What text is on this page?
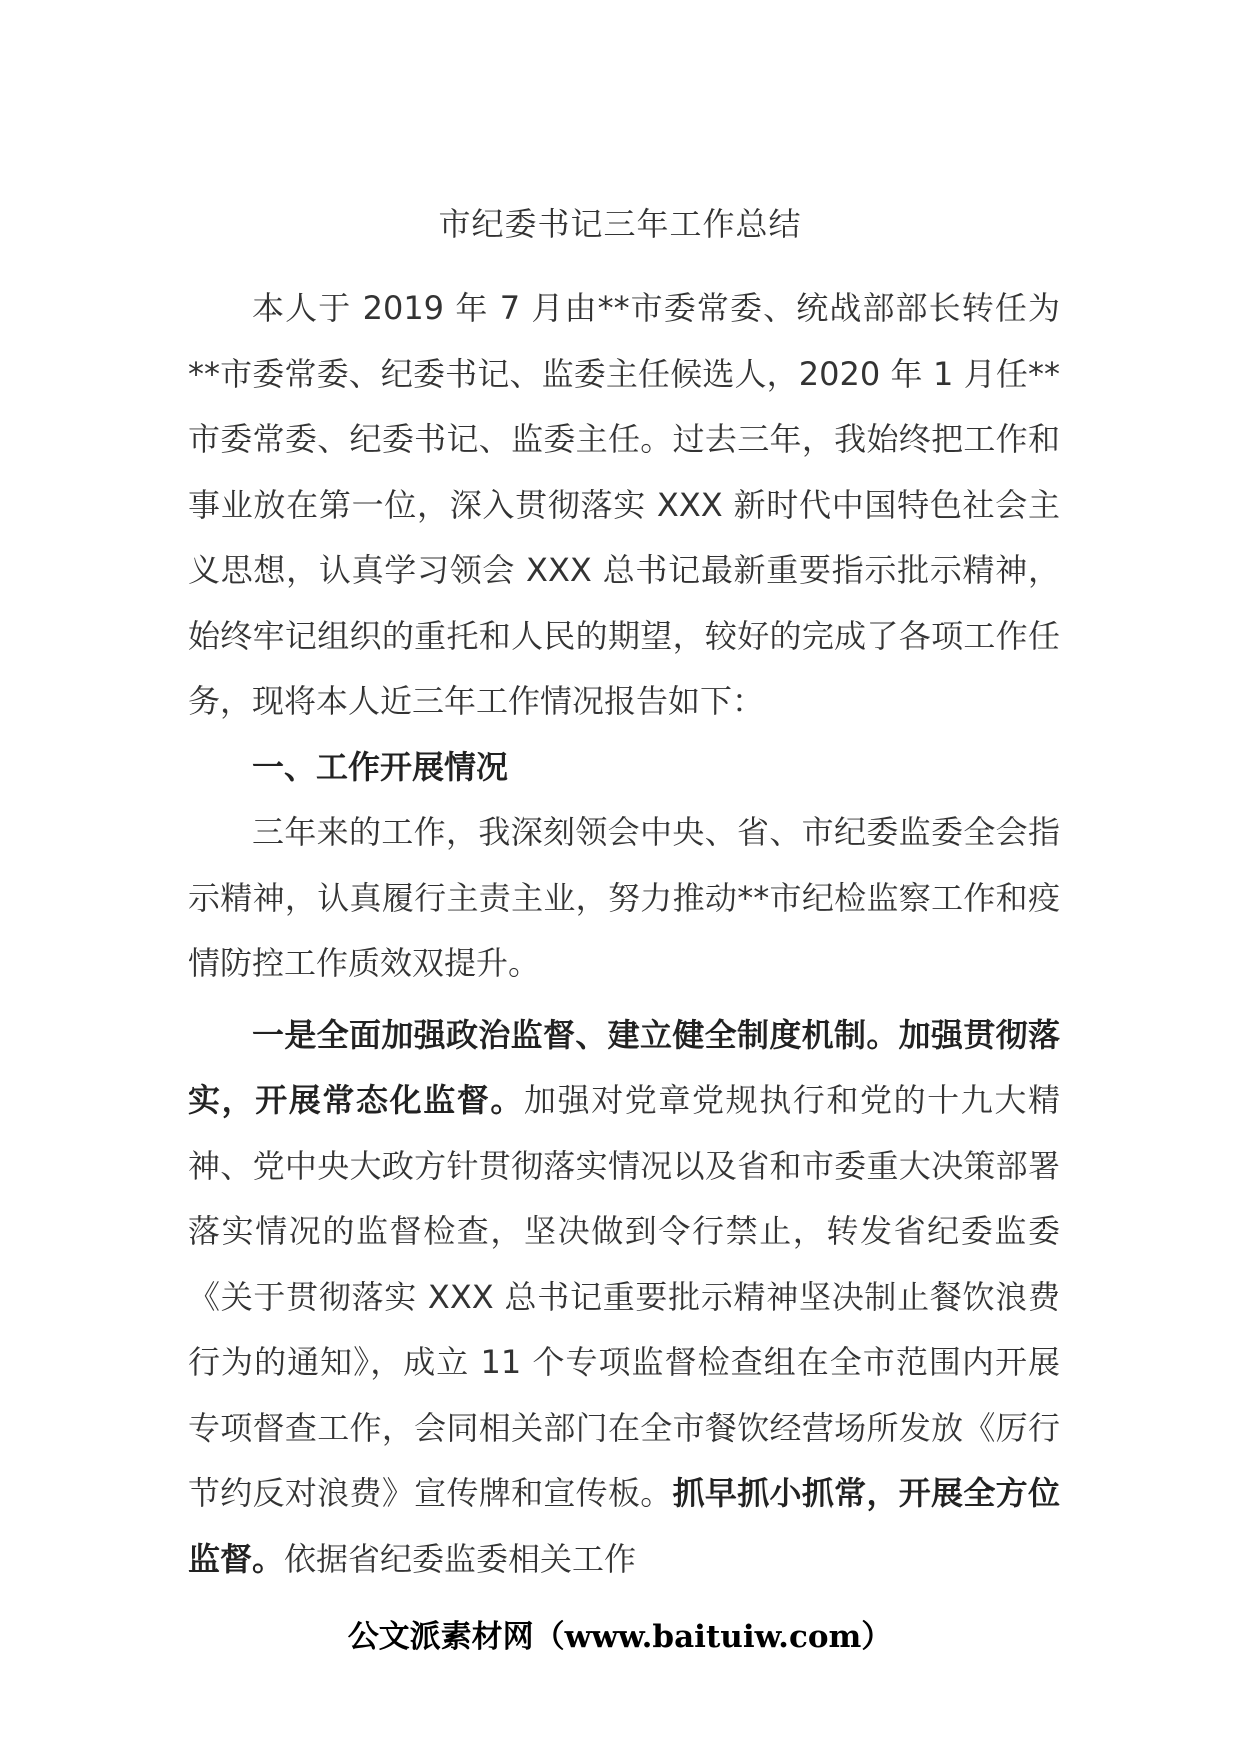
市纪委书记三年工作总结

本人于 2019 年 7 月由**市委常委、统战部部长转任为**市委常委、纪委书记、监委主任候选人，2020 年 1 月任**市委常委、纪委书记、监委主任。过去三年，我始终把工作和事业放在第一位，深入贯彻落实 XXX 新时代中国特色社会主义思想，认真学习领会 XXX 总书记最新重要指示批示精神，始终牢记组织的重托和人民的期望，较好的完成了各项工作任务，现将本人近三年工作情况报告如下：

一、工作开展情况

三年来的工作，我深刻领会中央、省、市纪委监委全会指示精神，认真履行主责主业，努力推动**市纪检监察工作和疫情防控工作质效双提升。

一是全面加强政治监督、建立健全制度机制。加强贯彻落实，开展常态化监督。加强对党章党规执行和党的十九大精神、党中央大政方针贯彻落实情况以及省和市委重大决策部署落实情况的监督检查，坚决做到令行禁止，转发省纪委监委《关于贯彻落实 XXX 总书记重要批示精神坚决制止餐饮浪费行为的通知》，成立 11 个专项监督检查组在全市范围内开展专项督查工作，会同相关部门在全市餐饮经营场所发放《厉行节约反对浪费》宣传牌和宣传板。抓早抓小抓常，开展全方位监督。依据省纪委监委相关工作

公文派素材网（www.baituiw.com）
